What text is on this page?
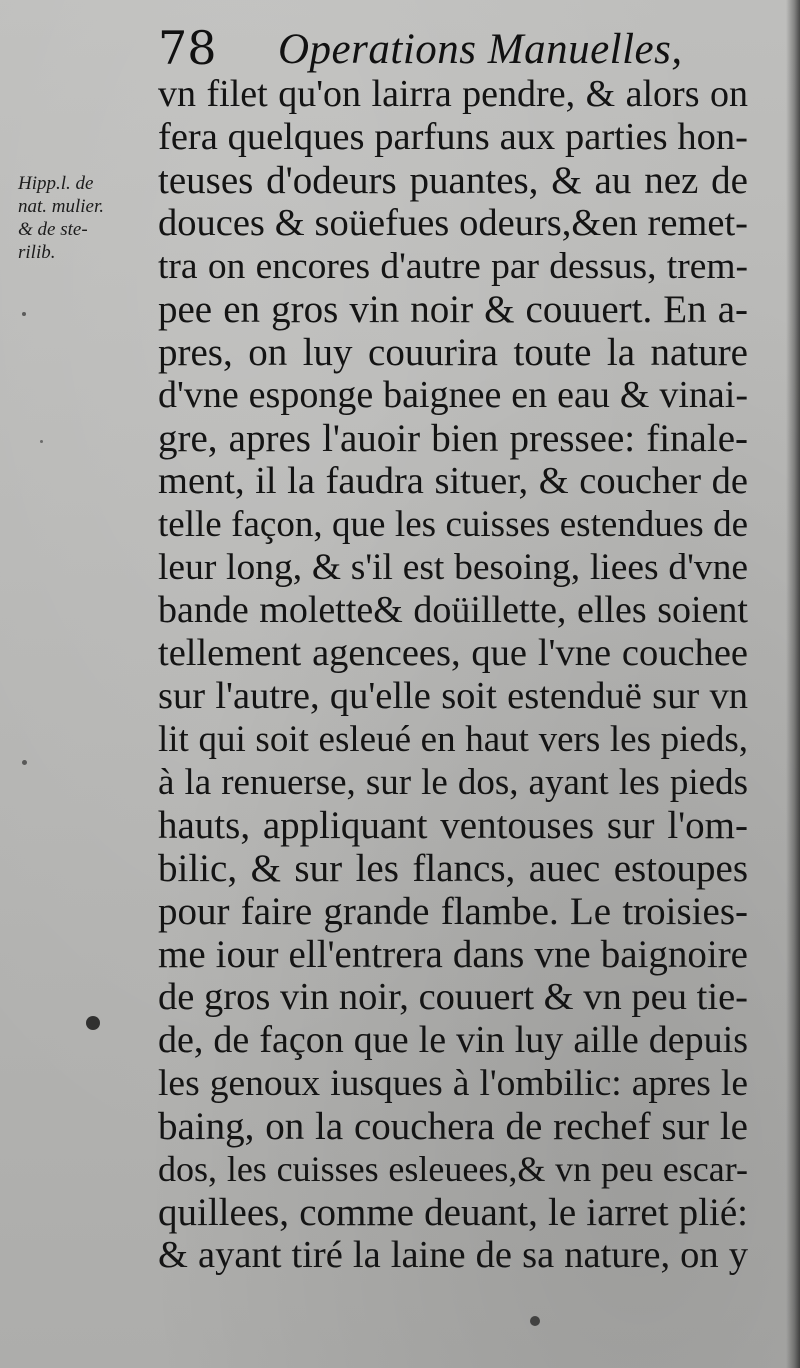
78 Operations Manuelles,
Hipp.l. de
nat. mulier.
& de ste-
rilib.
vn filet qu'on lairra pendre, & alors on
fera quelques parfuns aux parties hon-
teuses d'odeurs puantes, & au nez de
douces & soüefues odeurs,&en remet-
tra on encores d'autre par dessus, trem-
pee en gros vin noir & couuert. En a-
pres, on luy couurira toute la nature
d'vne esponge baignee en eau & vinai-
gre, apres l'auoir bien pressee: finale-
ment, il la faudra situer, & coucher de
telle façon, que les cuisses estendues de
leur long, & s'il est besoing, liees d'vne
bande molette& doüillette, elles soient
tellement agencees, que l'vne couchee
sur l'autre, qu'elle soit estenduë sur vn
lit qui soit esleué en haut vers les pieds,
à la renuerse, sur le dos, ayant les pieds
hauts, appliquant ventouses sur l'om-
bilic, & sur les flancs, auec estoupes
pour faire grande flambe. Le troisies-
me iour ell'entrera dans vne baignoire
de gros vin noir, couuert & vn peu tie-
de, de façon que le vin luy aille depuis
les genoux iusques à l'ombilic: apres le
baing, on la couchera de rechef sur le
dos, les cuisses esleuees,& vn peu escar-
quillees, comme deuant, le iarret plié:
& ayant tiré la laine de sa nature, on y
